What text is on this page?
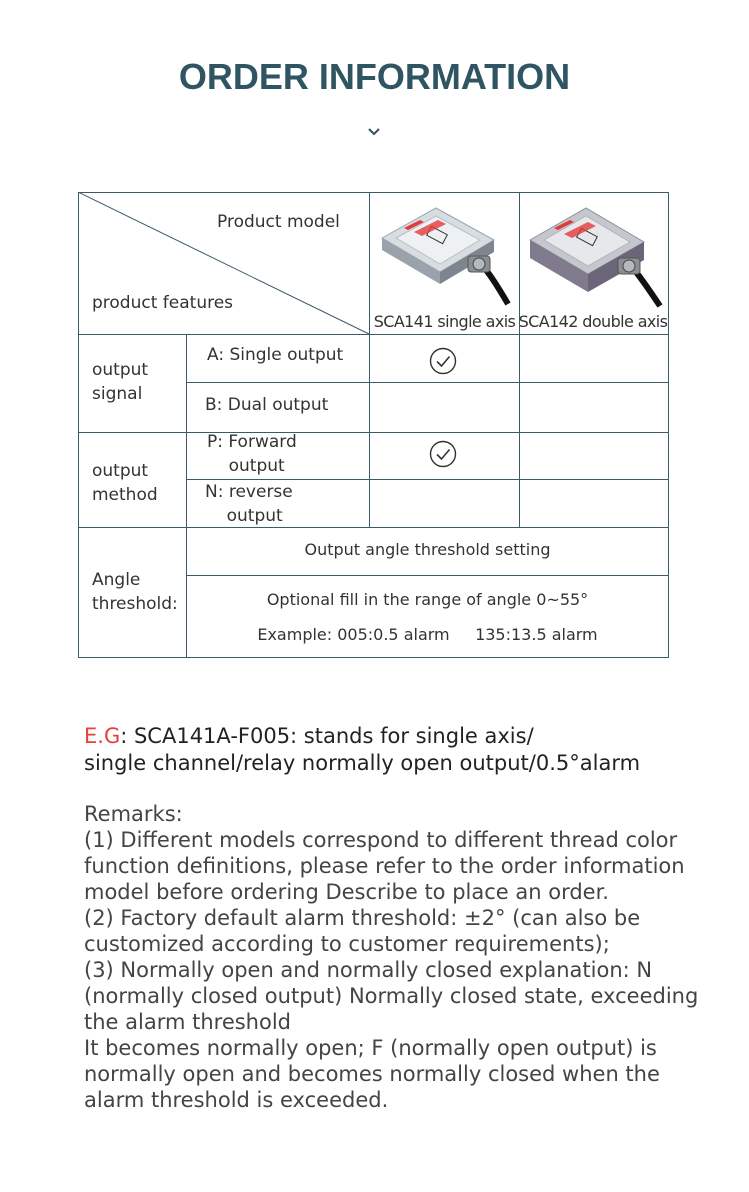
ORDER INFORMATION
Product model
product features
SCA141 single axis SCA142 double axis
output
signal
output
method
Angle
threshold:
A: Single output
B: Dual output
P: Forward
output
N: reverse
output
Output angle threshold setting
Optional fill in the range of angle 0~55°
Example: 005:0.5 alarm     135:13.5 alarm
E.G: SCA141A-F005: stands for single axis/
single channel/relay normally open output/0.5°alarm

Remarks:

(1) Different models correspond to different thread color function definitions, please refer to the order information model before ordering Describe to place an order.

(2) Factory default alarm threshold: ±2° (can also be customized according to customer requirements);

(3) Normally open and normally closed explanation: N (normally closed output) Normally closed state, exceeding the alarm threshold

It becomes normally open; F (normally open output) is normally open and becomes normally closed when the alarm threshold is exceeded.
